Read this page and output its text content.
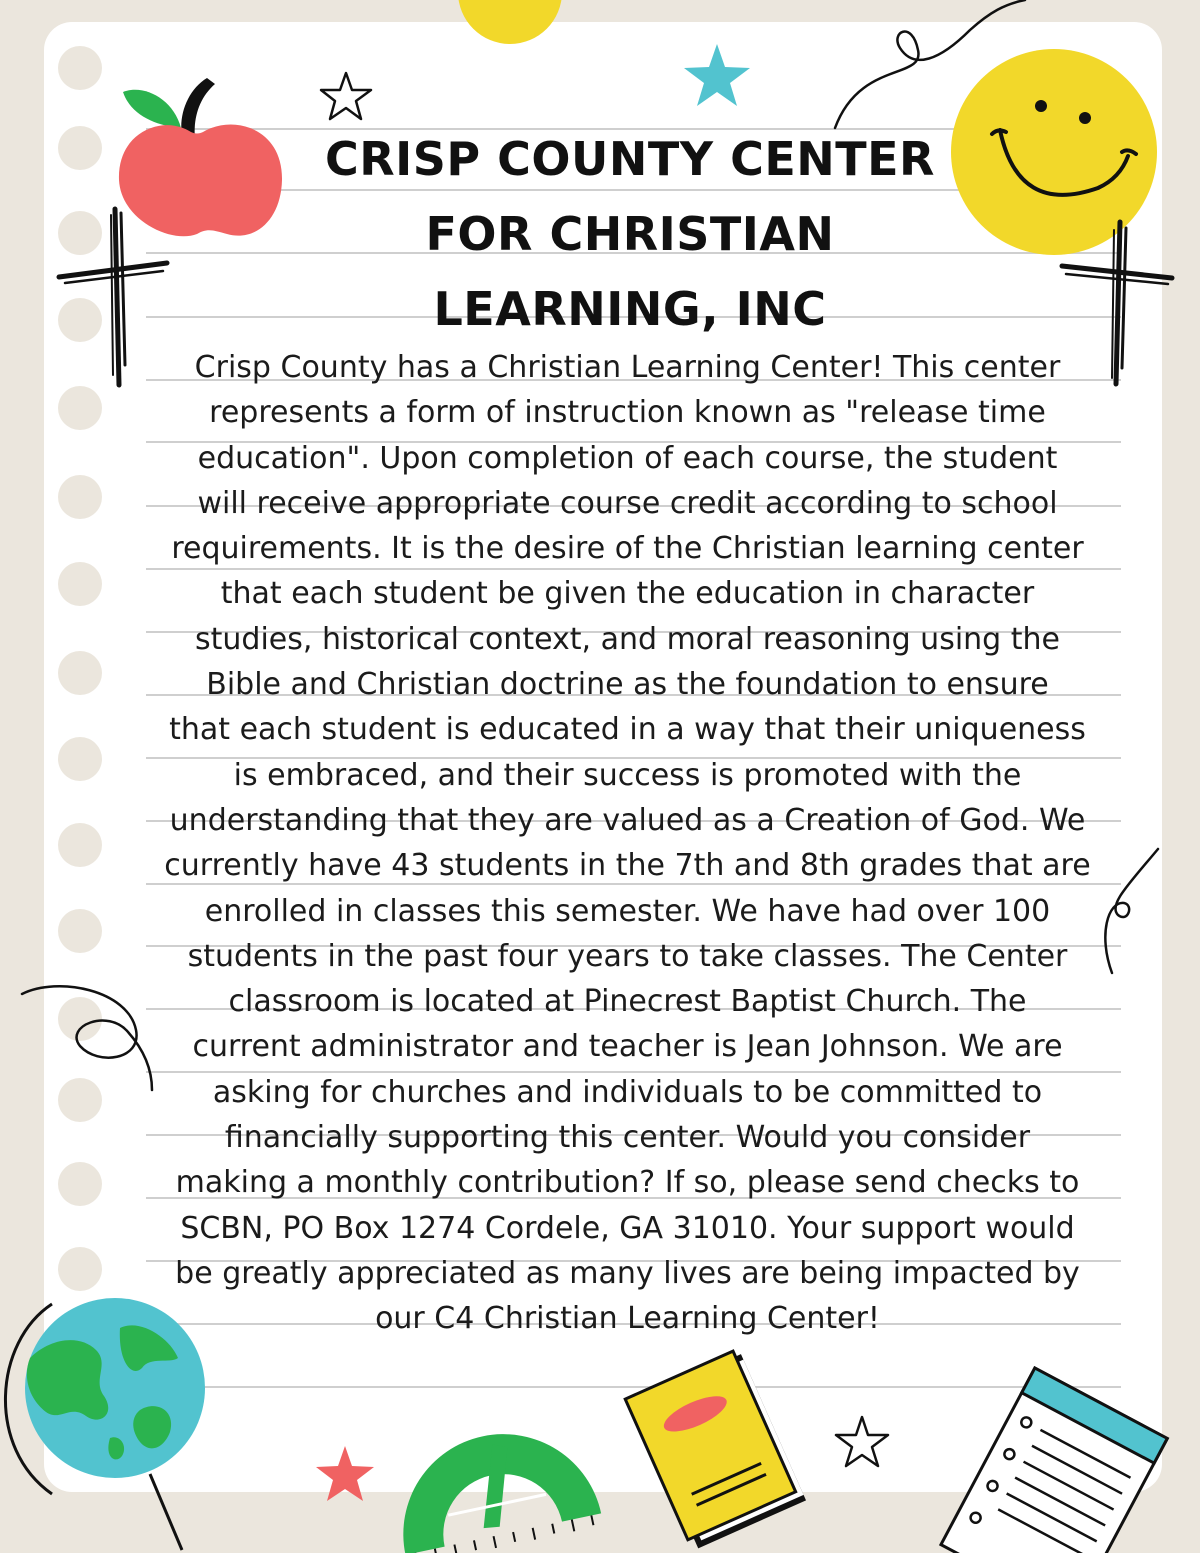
CRISP COUNTY CENTER
FOR CHRISTIAN
LEARNING, INC

Crisp County has a Christian Learning Center! This center
represents a form of instruction known as "release time
education". Upon completion of each course, the student
will receive appropriate course credit according to school
requirements. It is the desire of the Christian learning center
that each student be given the education in character
studies, historical context, and moral reasoning using the
Bible and Christian doctrine as the foundation to ensure
that each student is educated in a way that their uniqueness
is embraced, and their success is promoted with the
understanding that they are valued as a Creation of God. We
currently have 43 students in the 7th and 8th grades that are
enrolled in classes this semester. We have had over 100
students in the past four years to take classes. The Center
classroom is located at Pinecrest Baptist Church. The
current administrator and teacher is Jean Johnson. We are
asking for churches and individuals to be committed to
financially supporting this center. Would you consider
making a monthly contribution? If so, please send checks to
SCBN, PO Box 1274 Cordele, GA 31010. Your support would
be greatly appreciated as many lives are being impacted by
our C4 Christian Learning Center!
